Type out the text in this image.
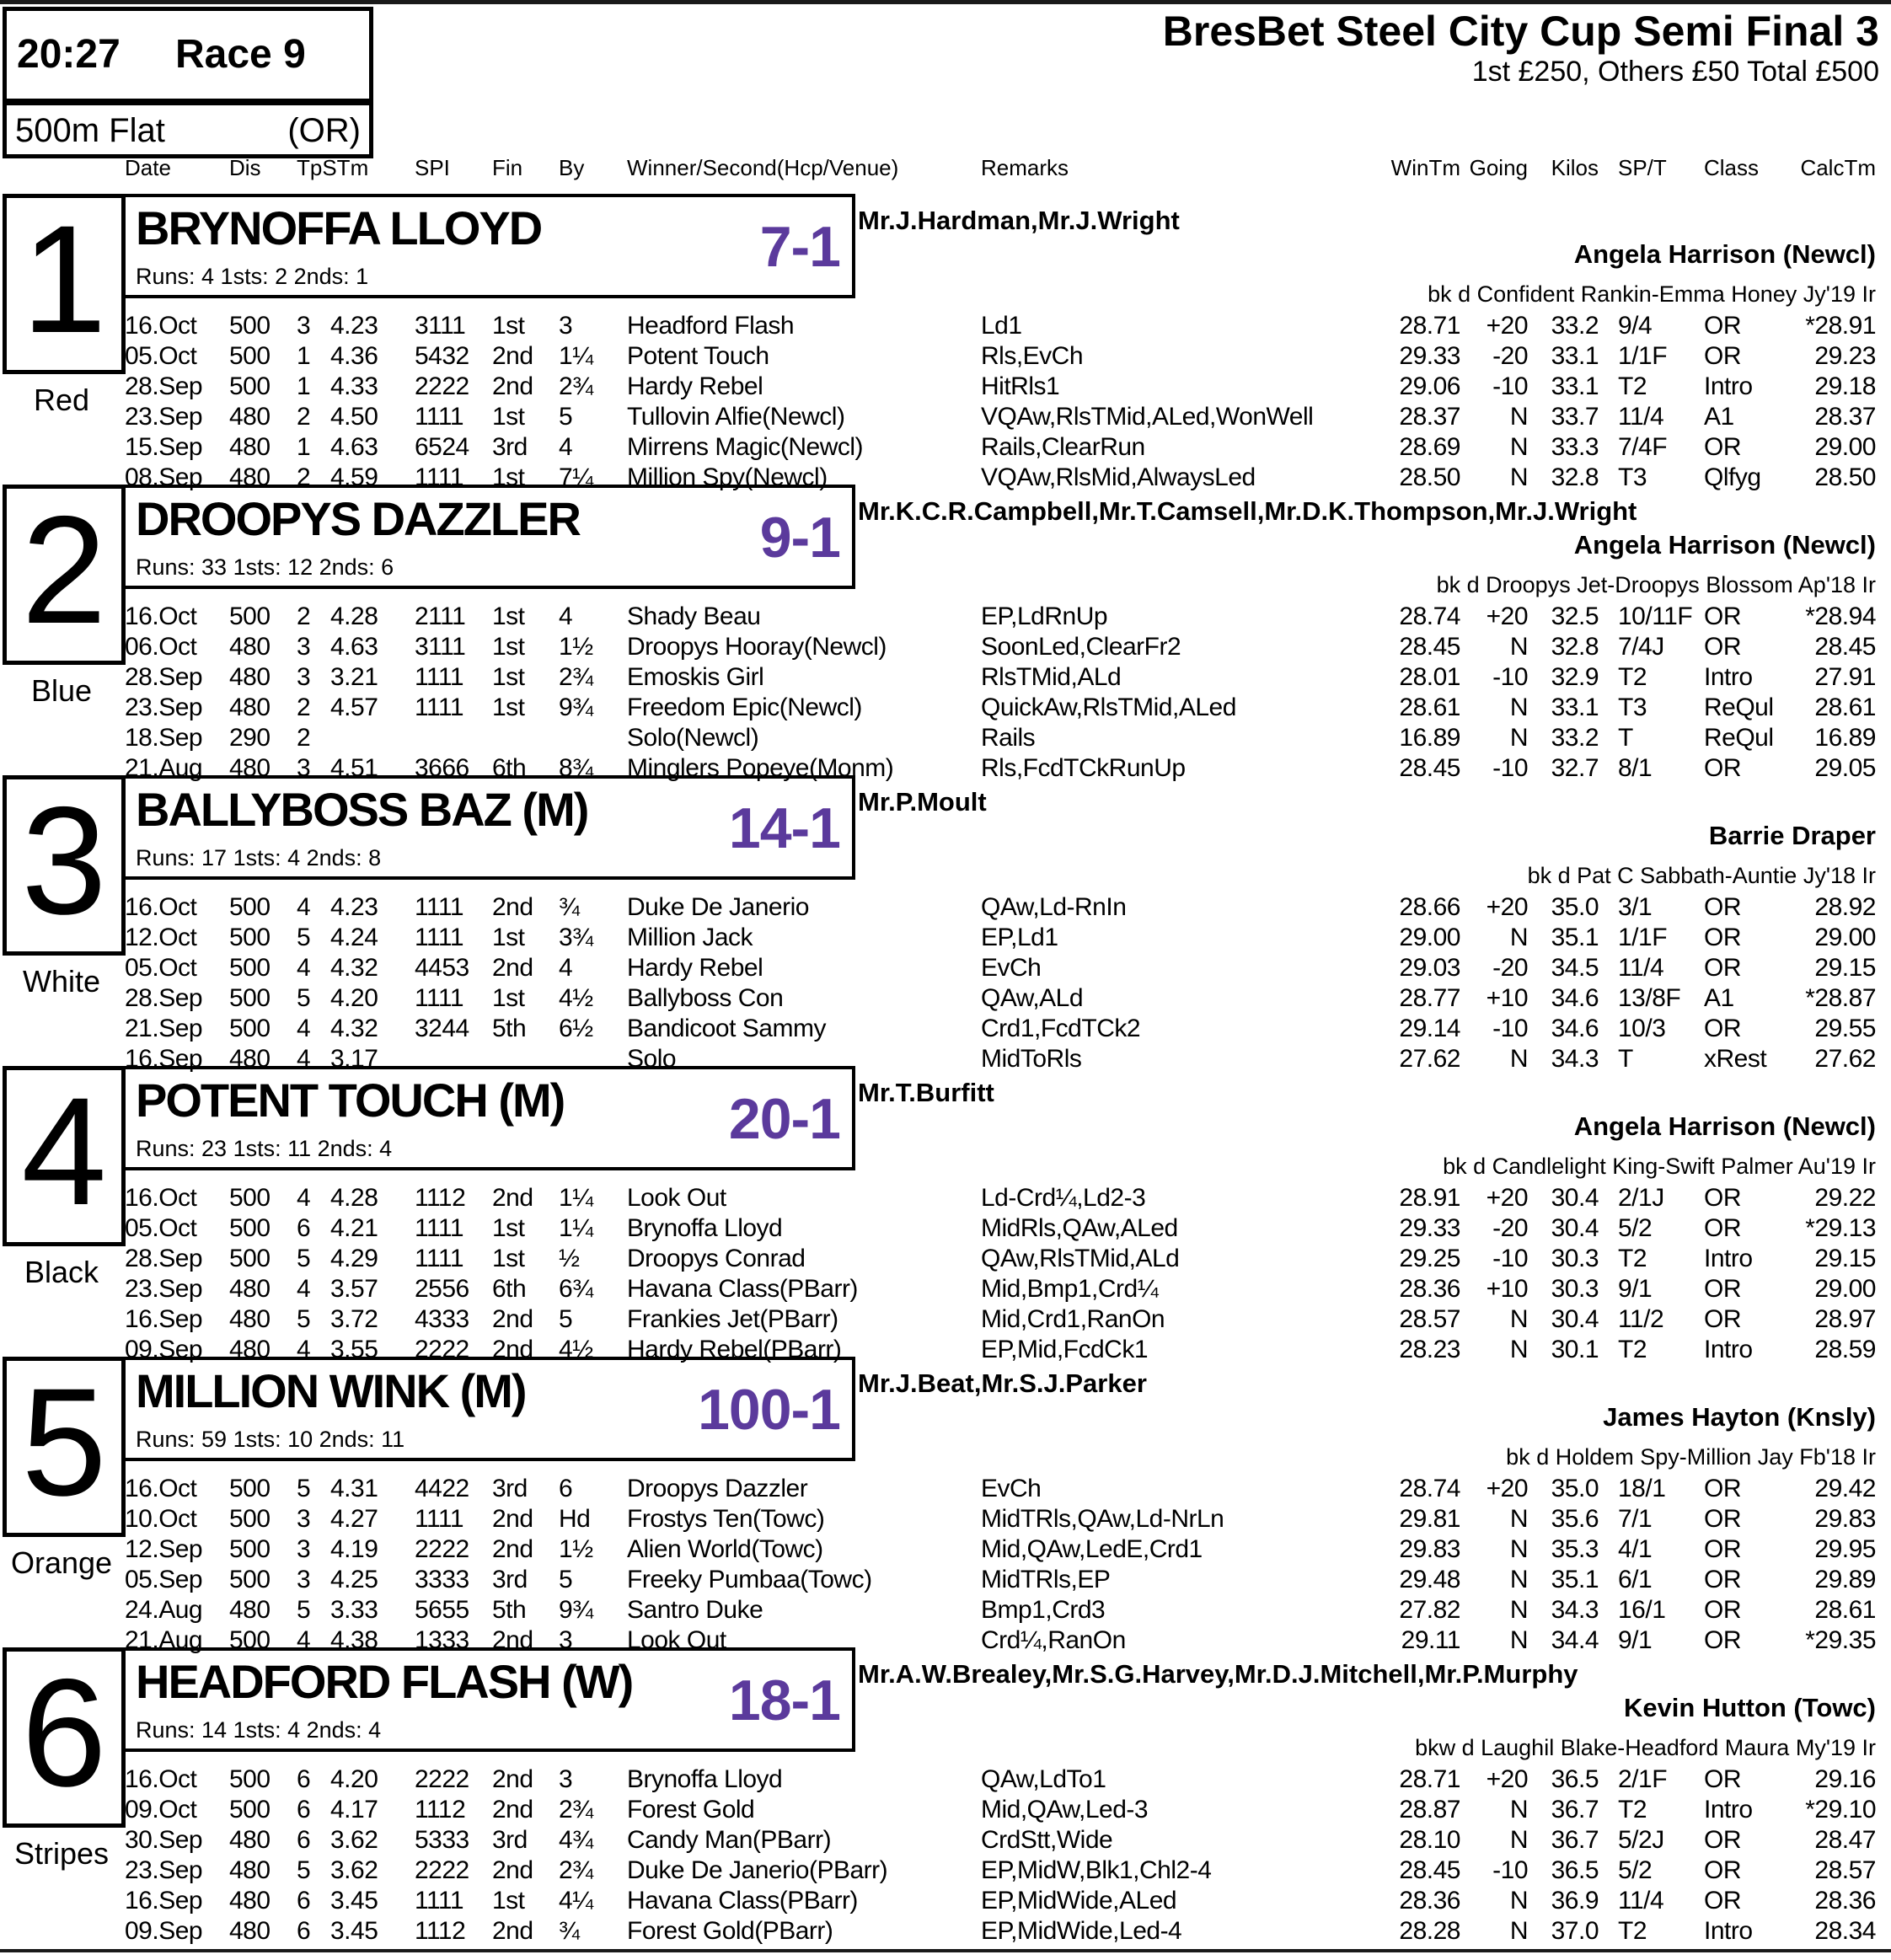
20:27 Race 9
500m Flat	(OR)
BresBet Steel City Cup Semi Final 3
1st £250, Others £50 Total £500
Date	Dis	TpSTm SPI	Fin	By	Winner/Second(Hcp/Venue)	Remarks	WinTm Going	Kilos SP/T	Class	CalcTm
1
Red
BRYNOFFA LLOYD	7-1
Runs: 4 1sts: 2 2nds: 1
Mr.J.Hardman,Mr.J.Wright
Angela Harrison (Newcl)
bk d Confident Rankin-Emma Honey Jy'19 Ir
16.Oct	500	3 4.23	3111	1st	3	Headford Flash	Ld1	28.71	+20 33.2 9/4	OR	*28.91
05.Oct	500	1 4.36	5432 2nd	1¼	Potent Touch	Rls,EvCh	29.33	-20 33.1 1/1F	OR	29.23
28.Sep	500	1 4.33	2222 2nd	2¾	Hardy Rebel	HitRls1	29.06	-10 33.1 T2	Intro	29.18
23.Sep	480	2 4.50	1111	1st	5	Tullovin Alfie(Newcl)	VQAw,RlsTMid,ALed,WonWell	28.37	N 33.7 11/4	A1	28.37
15.Sep	480	1 4.63	6524 3rd	4	Mirrens Magic(Newcl)	Rails,ClearRun	28.69	N 33.3 7/4F	OR	29.00
08.Sep	480	2 4.59	1111	1st	7¼	Million Spy(Newcl)	VQAw,RlsMid,AlwaysLed	28.50	N 32.8 T3	Qlfyg	28.50
2
Blue
DROOPYS DAZZLER	9-1
Runs: 33 1sts: 12 2nds: 6
Mr.K.C.R.Campbell,Mr.T.Camsell,Mr.D.K.Thompson,Mr.J.Wright
Angela Harrison (Newcl)
bk d Droopys Jet-Droopys Blossom Ap'18 Ir
16.Oct	500	2 4.28	2111	1st	4	Shady Beau	EP,LdRnUp	28.74	+20 32.5 10/11F OR	*28.94
06.Oct	480	3 4.63	3111	1st	1½	Droopys Hooray(Newcl)	SoonLed,ClearFr2	28.45	N 32.8 7/4J	OR	28.45
28.Sep	480	3 3.21	1111	1st	2¾	Emoskis Girl	RlsTMid,ALd	28.01	-10 32.9 T2	Intro	27.91
23.Sep	480	2 4.57	1111	1st	9¾	Freedom Epic(Newcl)	QuickAw,RlsTMid,ALed	28.61	N 33.1 T3	ReQul	28.61
18.Sep	290	2	Solo(Newcl)	Rails	16.89	N 33.2 T	ReQul	16.89
21.Aug	480	3 4.51	3666 6th	8¾	Minglers Popeye(Monm)	Rls,FcdTCkRunUp	28.45	-10 32.7 8/1	OR	29.05
3
White
BALLYBOSS BAZ (M) 14-1
Runs: 17 1sts: 4 2nds: 8
Mr.P.Moult
Barrie Draper
bk d Pat C Sabbath-Auntie Jy'18 Ir
16.Oct	500	4 4.23	1111	2nd	¾	Duke De Janerio	QAw,Ld-RnIn	28.66	+20 35.0 3/1	OR	28.92
12.Oct	500	5 4.24	1111	1st	3¾	Million Jack	EP,Ld1	29.00	N 35.1 1/1F	OR	29.00
05.Oct	500	4 4.32	4453 2nd	4	Hardy Rebel	EvCh	29.03	-20 34.5 11/4	OR	29.15
28.Sep	500	5 4.20	1111	1st	4½	Ballyboss Con	QAw,ALd	28.77	+10 34.6 13/8F A1	*28.87
21.Sep	500	4 4.32	3244 5th	6½	Bandicoot Sammy	Crd1,FcdTCk2	29.14	-10 34.6 10/3	OR	29.55
16.Sep	480	4 3.17	Solo	MidToRls	27.62	N 34.3 T	xRest	27.62
4
Black
POTENT TOUCH (M)	20-1
Runs: 23 1sts: 11 2nds: 4
Mr.T.Burfitt
Angela Harrison (Newcl)
bk d Candlelight King-Swift Palmer Au'19 Ir
16.Oct	500	4 4.28	1112	2nd	1¼	Look Out	Ld-Crd¼,Ld2-3	28.91	+20 30.4 2/1J	OR	29.22
05.Oct	500	6 4.21	1111	1st	1¼	Brynoffa Lloyd	MidRls,QAw,ALed	29.33	-20 30.4 5/2	OR	*29.13
28.Sep	500	5 4.29	1111	1st	½	Droopys Conrad	QAw,RlsTMid,ALd	29.25	-10 30.3 T2	Intro	29.15
23.Sep	480	4 3.57	2556 6th	6¾	Havana Class(PBarr)	Mid,Bmp1,Crd¼	28.36	+10 30.3 9/1	OR	29.00
16.Sep	480	5 3.72	4333 2nd	5	Frankies Jet(PBarr)	Mid,Crd1,RanOn	28.57	N 30.4 11/2	OR	28.97
09.Sep	480	4 3.55	2222 2nd	4½	Hardy Rebel(PBarr)	EP,Mid,FcdCk1	28.23	N 30.1 T2	Intro	28.59
5
Orange
MILLION WINK (M)	100-1
Runs: 59 1sts: 10 2nds: 11
Mr.J.Beat,Mr.S.J.Parker
James Hayton (Knsly)
bk d Holdem Spy-Million Jay Fb'18 Ir
16.Oct	500	5 4.31	4422 3rd	6	Droopys Dazzler	EvCh	28.74	+20 35.0 18/1	OR	29.42
10.Oct	500	3 4.27	1111	2nd	Hd	Frostys Ten(Towc)	MidTRls,QAw,Ld-NrLn	29.81	N 35.6 7/1	OR	29.83
12.Sep	500	3 4.19	2222 2nd	1½	Alien World(Towc)	Mid,QAw,LedE,Crd1	29.83	N 35.3 4/1	OR	29.95
05.Sep	500	3 4.25	3333 3rd	5	Freeky Pumbaa(Towc)	MidTRls,EP	29.48	N 35.1 6/1	OR	29.89
24.Aug	480	5 3.33	5655 5th	9¾	Santro Duke	Bmp1,Crd3	27.82	N 34.3 16/1	OR	28.61
21.Aug	500	4 4.38	1333 2nd	3	Look Out	Crd¼,RanOn	29.11	N 34.4 9/1	OR	*29.35
6
Stripes
HEADFORD FLASH (W) 18-1
Runs: 14 1sts: 4 2nds: 4
Mr.A.W.Brealey,Mr.S.G.Harvey,Mr.D.J.Mitchell,Mr.P.Murphy
Kevin Hutton (Towc)
bkw d Laughil Blake-Headford Maura My'19 Ir
16.Oct	500	6 4.20	2222 2nd	3	Brynoffa Lloyd	QAw,LdTo1	28.71	+20 36.5 2/1F	OR	29.16
09.Oct	500	6 4.17	1112	2nd	2¾	Forest Gold	Mid,QAw,Led-3	28.87	N 36.7 T2	Intro	*29.10
30.Sep	480	6 3.62	5333 3rd	4¾	Candy Man(PBarr)	CrdStt,Wide	28.10	N 36.7 5/2J	OR	28.47
23.Sep	480	5 3.62	2222 2nd	2¾	Duke De Janerio(PBarr)	EP,MidW,Blk1,Chl2-4	28.45	-10 36.5 5/2	OR	28.57
16.Sep	480	6 3.45	1111	1st	4¼	Havana Class(PBarr)	EP,MidWide,ALed	28.36	N 36.9 11/4	OR	28.36
09.Sep	480	6 3.45	1112	2nd	¾	Forest Gold(PBarr)	EP,MidWide,Led-4	28.28	N 37.0 T2	Intro	28.34
